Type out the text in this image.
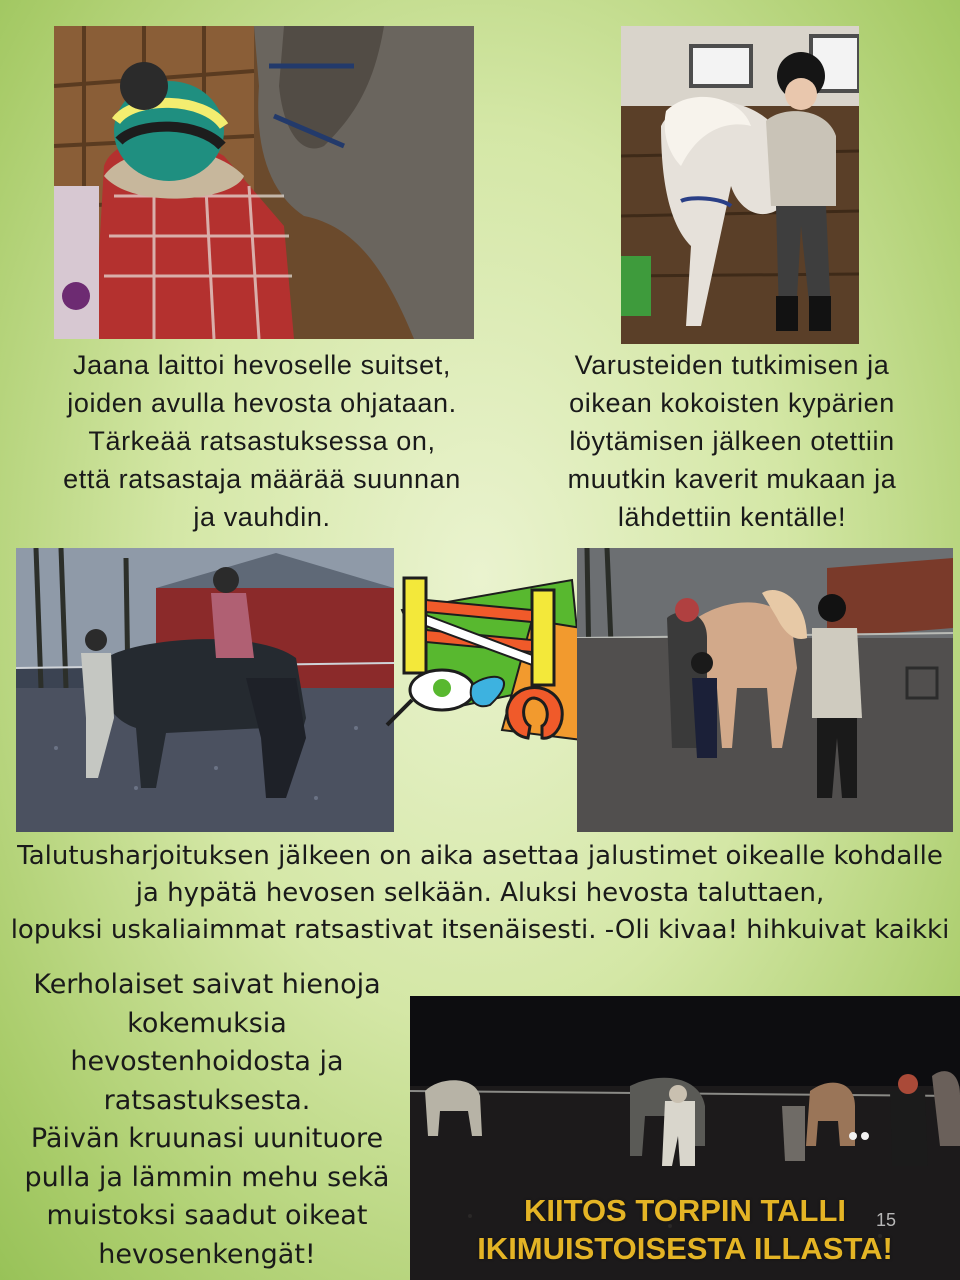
Jaana laittoi hevoselle suitset,
joiden avulla hevosta ohjataan.
Tärkeää ratsastuksessa on,
että ratsastaja määrää suunnan
ja vauhdin.
Varusteiden tutkimisen ja
oikean kokoisten kypärien
löytämisen jälkeen otettiin
muutkin kaverit mukaan ja
lähdettiin kentälle!
Talutusharjoituksen jälkeen on aika asettaa jalustimet oikealle kohdalle
ja hypätä hevosen selkään. Aluksi hevosta taluttaen,
lopuksi uskaliaimmat ratsastivat itsenäisesti. -Oli kivaa! hihkuivat kaikki
Kerholaiset saivat hienoja
kokemuksia
hevostenhoidosta ja
ratsastuksesta.
Päivän kruunasi uunituore
pulla ja lämmin mehu sekä
muistoksi saadut oikeat
hevosenkengät!
KIITOS TORPIN TALLI
IKIMUISTOISESTA ILLASTA!
15
